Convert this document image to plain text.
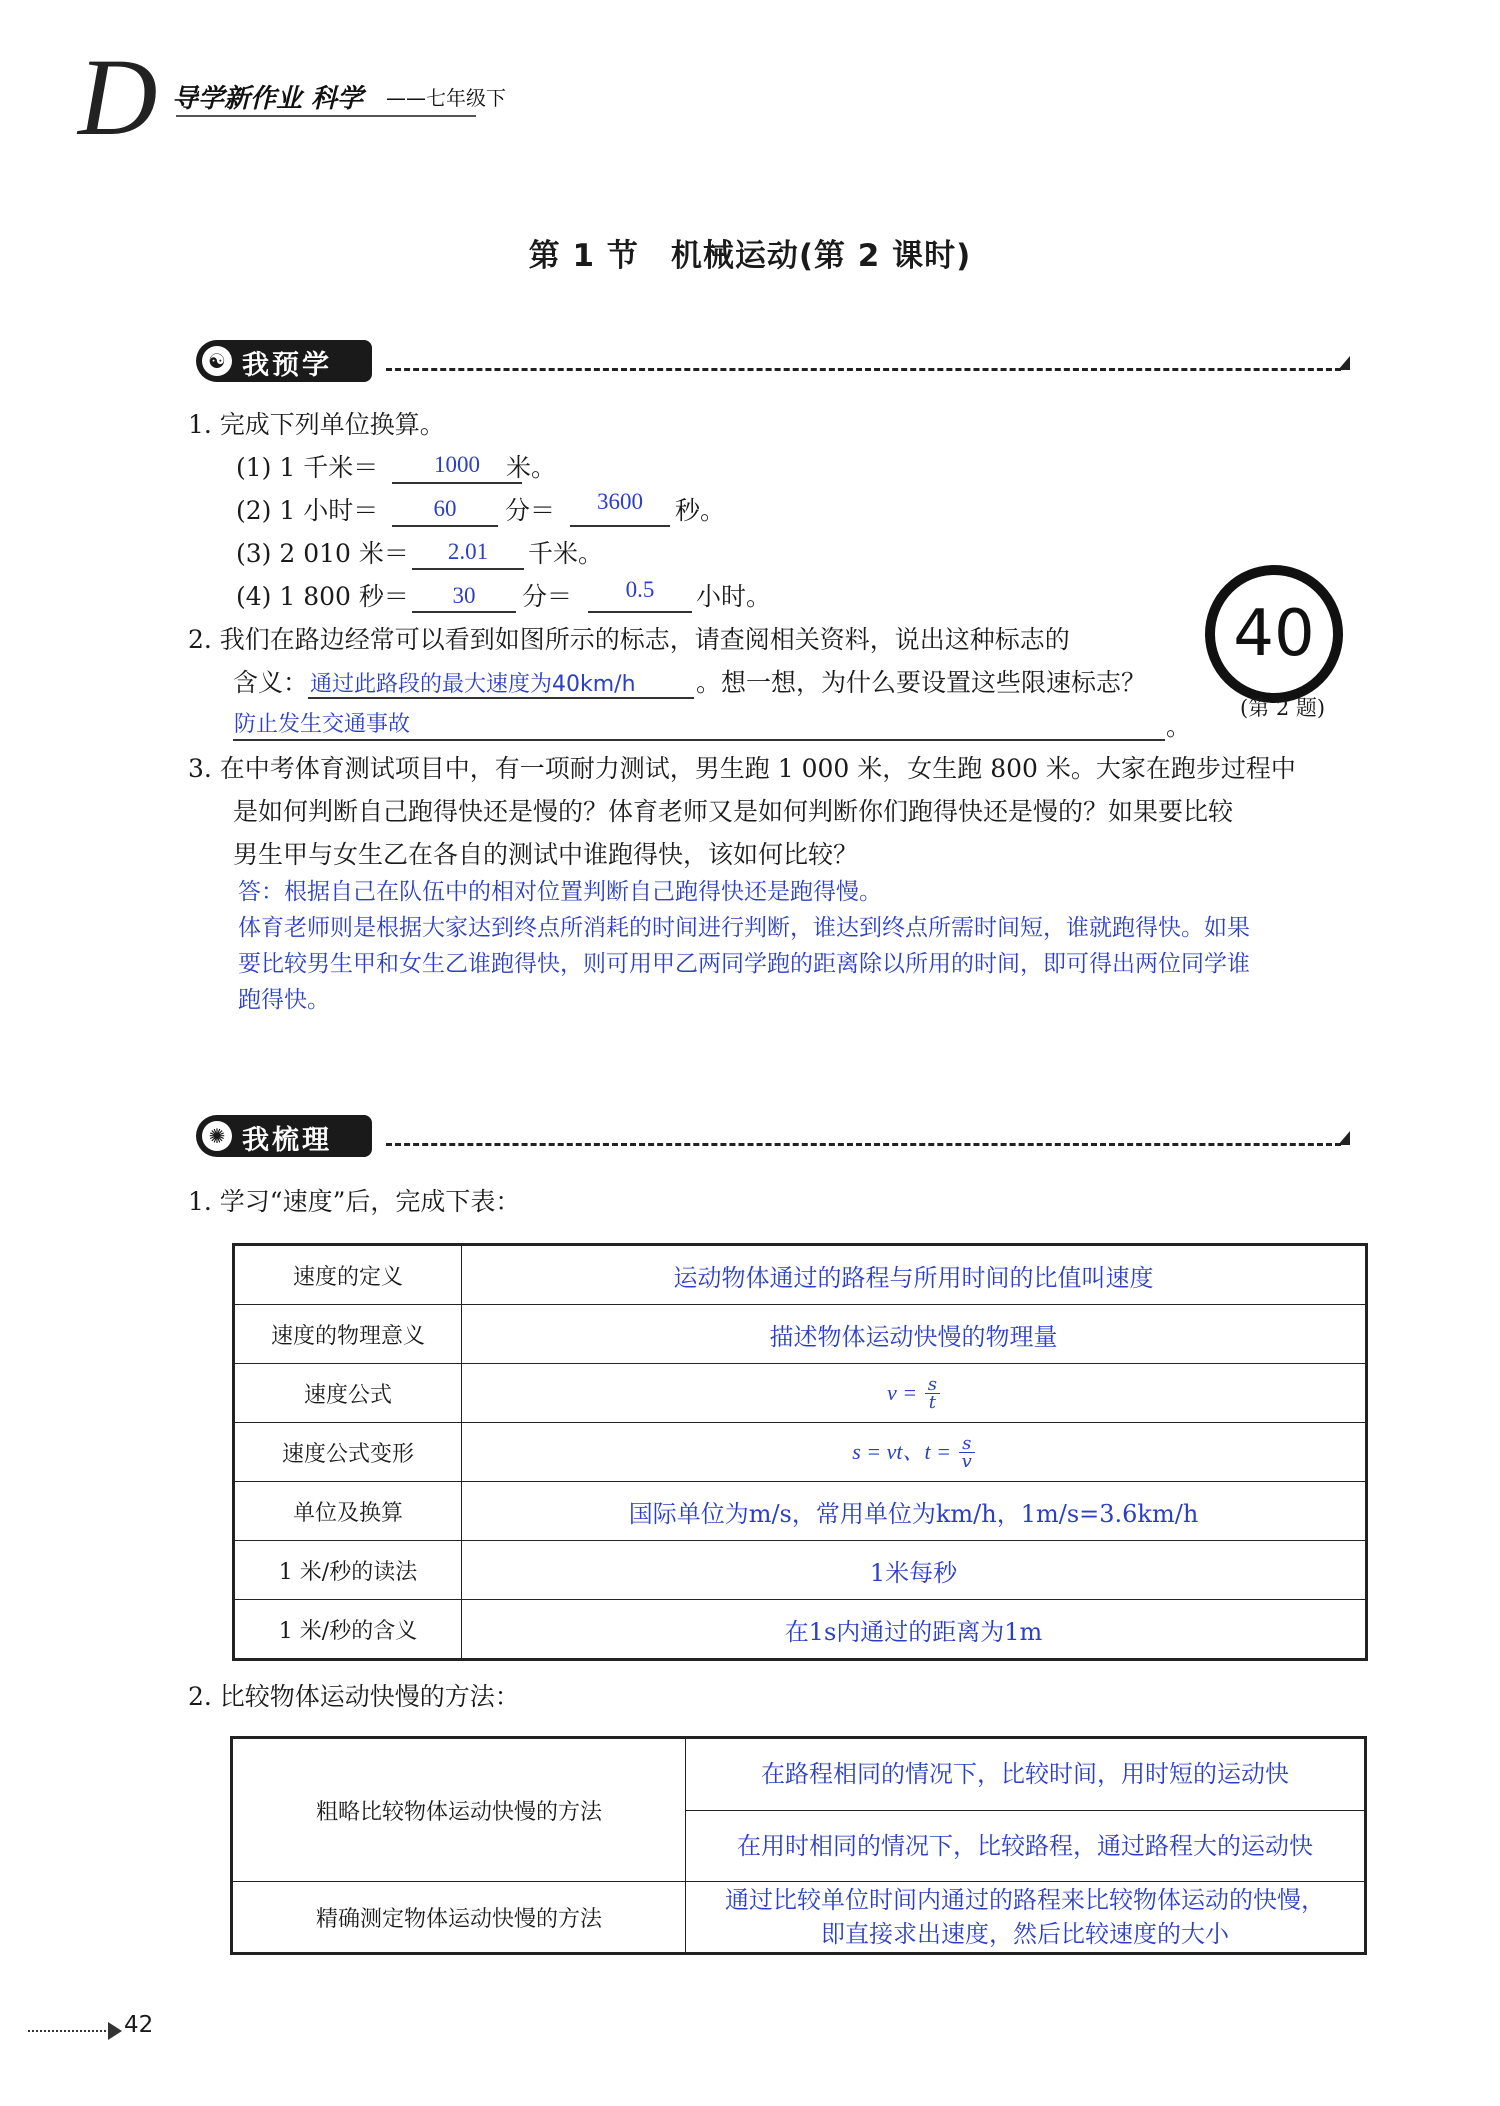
D 导学新作业 科学 ——七年级下
第 1 节　机械运动(第 2 课时)
☯ 我预学
1. 完成下列单位换算。
(1) 1 千米＝	1000	米。
(2) 1 小时＝	60	分＝	3600	秒。
(3) 2 010 米＝	2.01	千米。
(4) 1 800 秒＝	30	分＝	0.5	小时。
40
(第 2 题)
2. 我们在路边经常可以看到如图所示的标志，请查阅相关资料，说出这种标志的
含义： 通过此路段的最大速度为40km/h	。想一想，为什么要设置这些限速标志？
防止发生交通事故	。
3. 在中考体育测试项目中，有一项耐力测试，男生跑 1 000 米，女生跑 800 米。大家在跑步过程中
是如何判断自己跑得快还是慢的？体育老师又是如何判断你们跑得快还是慢的？如果要比较
男生甲与女生乙在各自的测试中谁跑得快，该如何比较？
答：根据自己在队伍中的相对位置判断自己跑得快还是跑得慢。
体育老师则是根据大家达到终点所消耗的时间进行判断，谁达到终点所需时间短，谁就跑得快。如果
要比较男生甲和女生乙谁跑得快，则可用甲乙两同学跑的距离除以所用的时间，即可得出两位同学谁
跑得快。
✺ 我梳理
1. 学习“速度”后，完成下表：
速度的定义	运动物体通过的路程与所用时间的比值叫速度
速度的物理意义	描述物体运动快慢的物理量
速度公式	$v = \frac{s}{t}$

速度公式变形	s = vt、$t = \frac{s}{v}$

单位及换算	国际单位为m/s，常用单位为km/h，1m/s=3.6km/h
1 米/秒的读法	1米每秒
1 米/秒的含义	在1s内通过的距离为1m
2. 比较物体运动快慢的方法：
粗略比较物体运动快慢的方法	在路程相同的情况下，比较时间，用时短的运动快
	在用时相同的情况下，比较路程，通过路程大的运动快
精确测定物体运动快慢的方法	通过比较单位时间内通过的路程来比较物体运动的快慢，
即直接求出速度，然后比较速度的大小
42
